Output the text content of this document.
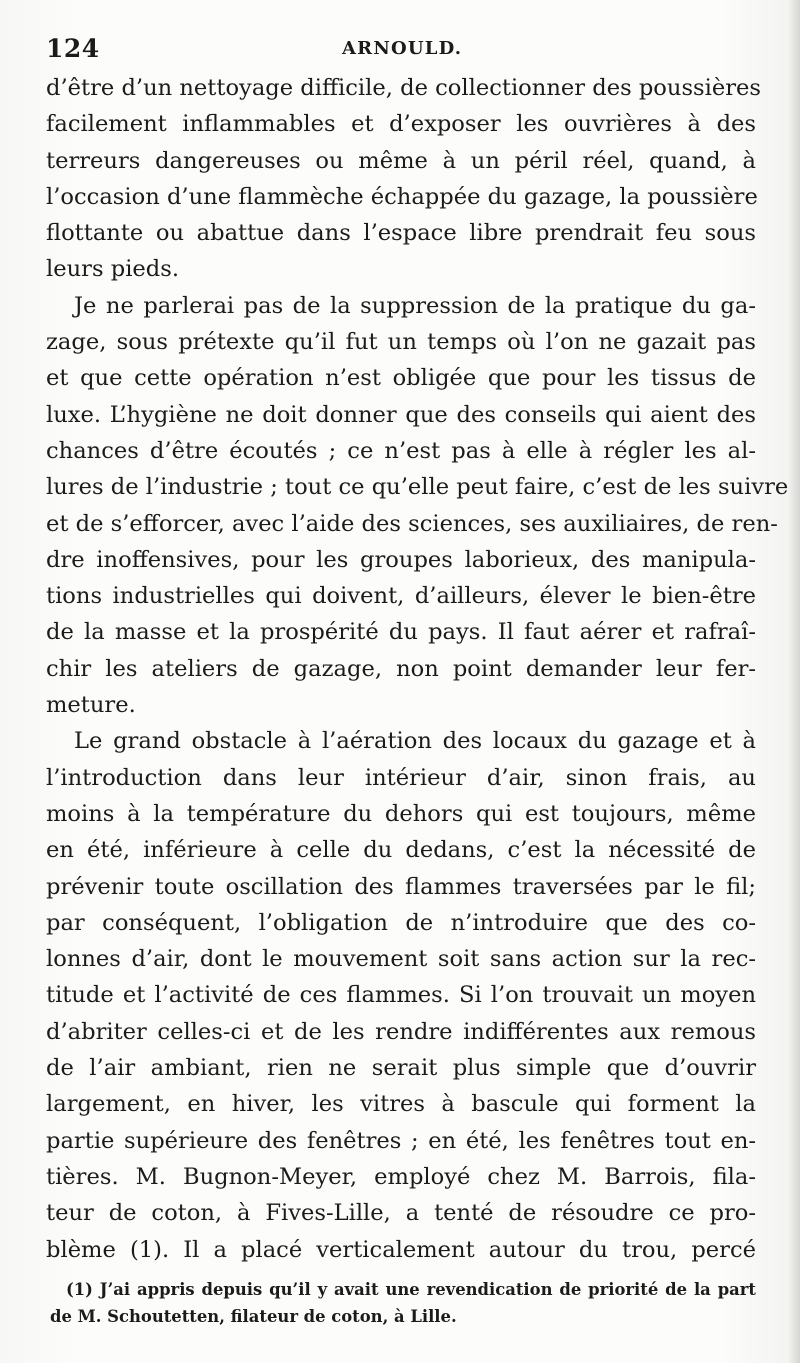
124	ARNOULD.
d’être d’un nettoyage difficile, de collectionner des poussières
facilement inflammables et d’exposer les ouvrières à des
terreurs dangereuses ou même à un péril réel, quand, à
l’occasion d’une flammèche échappée du gazage, la poussière
flottante ou abattue dans l’espace libre prendrait feu sous
leurs pieds.
Je ne parlerai pas de la suppression de la pratique du ga-
zage, sous prétexte qu’il fut un temps où l’on ne gazait pas
et que cette opération n’est obligée que pour les tissus de
luxe. L’hygiène ne doit donner que des conseils qui aient des
chances d’être écoutés ; ce n’est pas à elle à régler les al-
lures de l’industrie ; tout ce qu’elle peut faire, c’est de les suivre
et de s’efforcer, avec l’aide des sciences, ses auxiliaires, de ren-
dre inoffensives, pour les groupes laborieux, des manipula-
tions industrielles qui doivent, d’ailleurs, élever le bien-être
de la masse et la prospérité du pays. Il faut aérer et rafraî-
chir les ateliers de gazage, non point demander leur fer-
meture.
Le grand obstacle à l’aération des locaux du gazage et à
l’introduction dans leur intérieur d’air, sinon frais, au
moins à la température du dehors qui est toujours, même
en été, inférieure à celle du dedans, c’est la nécessité de
prévenir toute oscillation des flammes traversées par le fil;
par conséquent, l’obligation de n’introduire que des co-
lonnes d’air, dont le mouvement soit sans action sur la rec-
titude et l’activité de ces flammes. Si l’on trouvait un moyen
d’abriter celles-ci et de les rendre indifférentes aux remous
de l’air ambiant, rien ne serait plus simple que d’ouvrir
largement, en hiver, les vitres à bascule qui forment la
partie supérieure des fenêtres ; en été, les fenêtres tout en-
tières. M. Bugnon-Meyer, employé chez M. Barrois, fila-
teur de coton, à Fives-Lille, a tenté de résoudre ce pro-
blème (1). Il a placé verticalement autour du trou, percé
(1) J’ai appris depuis qu’il y avait une revendication de priorité de la part
de M. Schoutetten, filateur de coton, à Lille.
